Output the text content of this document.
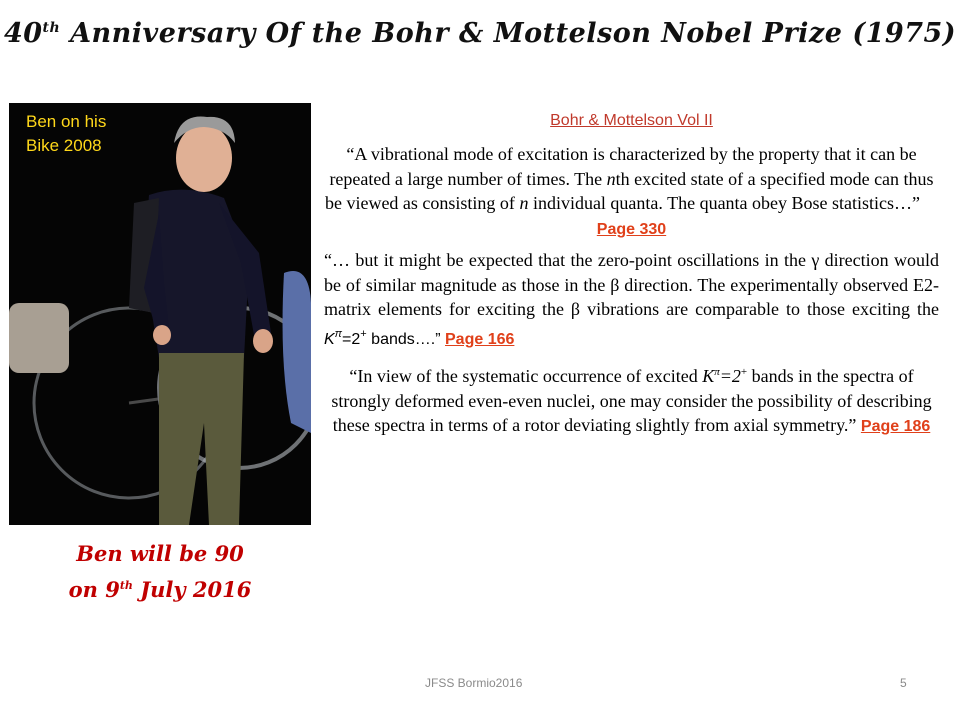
40th Anniversary Of the Bohr & Mottelson Nobel Prize (1975)
Ben on his
Bike 2008
Ben will be 90
on 9th July 2016
Bohr & Mottelson Vol II

“A vibrational mode of excitation is characterized by the property that it can be repeated a large number of times. The nth excited state of a specified mode can thus be viewed as consisting of n individual quanta. The quanta obey Bose statistics…”     Page 330

“… but it might be expected that the zero-point oscillations in the γ direction would be of similar magnitude as those in the β direction. The experimentally observed E2-matrix elements for exciting the β vibrations are comparable to those exciting the $K^\pi=2^+$ bands….” Page 166

“In view of the systematic occurrence of excited $K^\pi=2^+$ bands in the spectra of strongly deformed even-even nuclei, one may consider the possibility of describing these spectra in terms of a rotor deviating slightly from axial symmetry.” Page 186

JFSS Bormio2016	5
